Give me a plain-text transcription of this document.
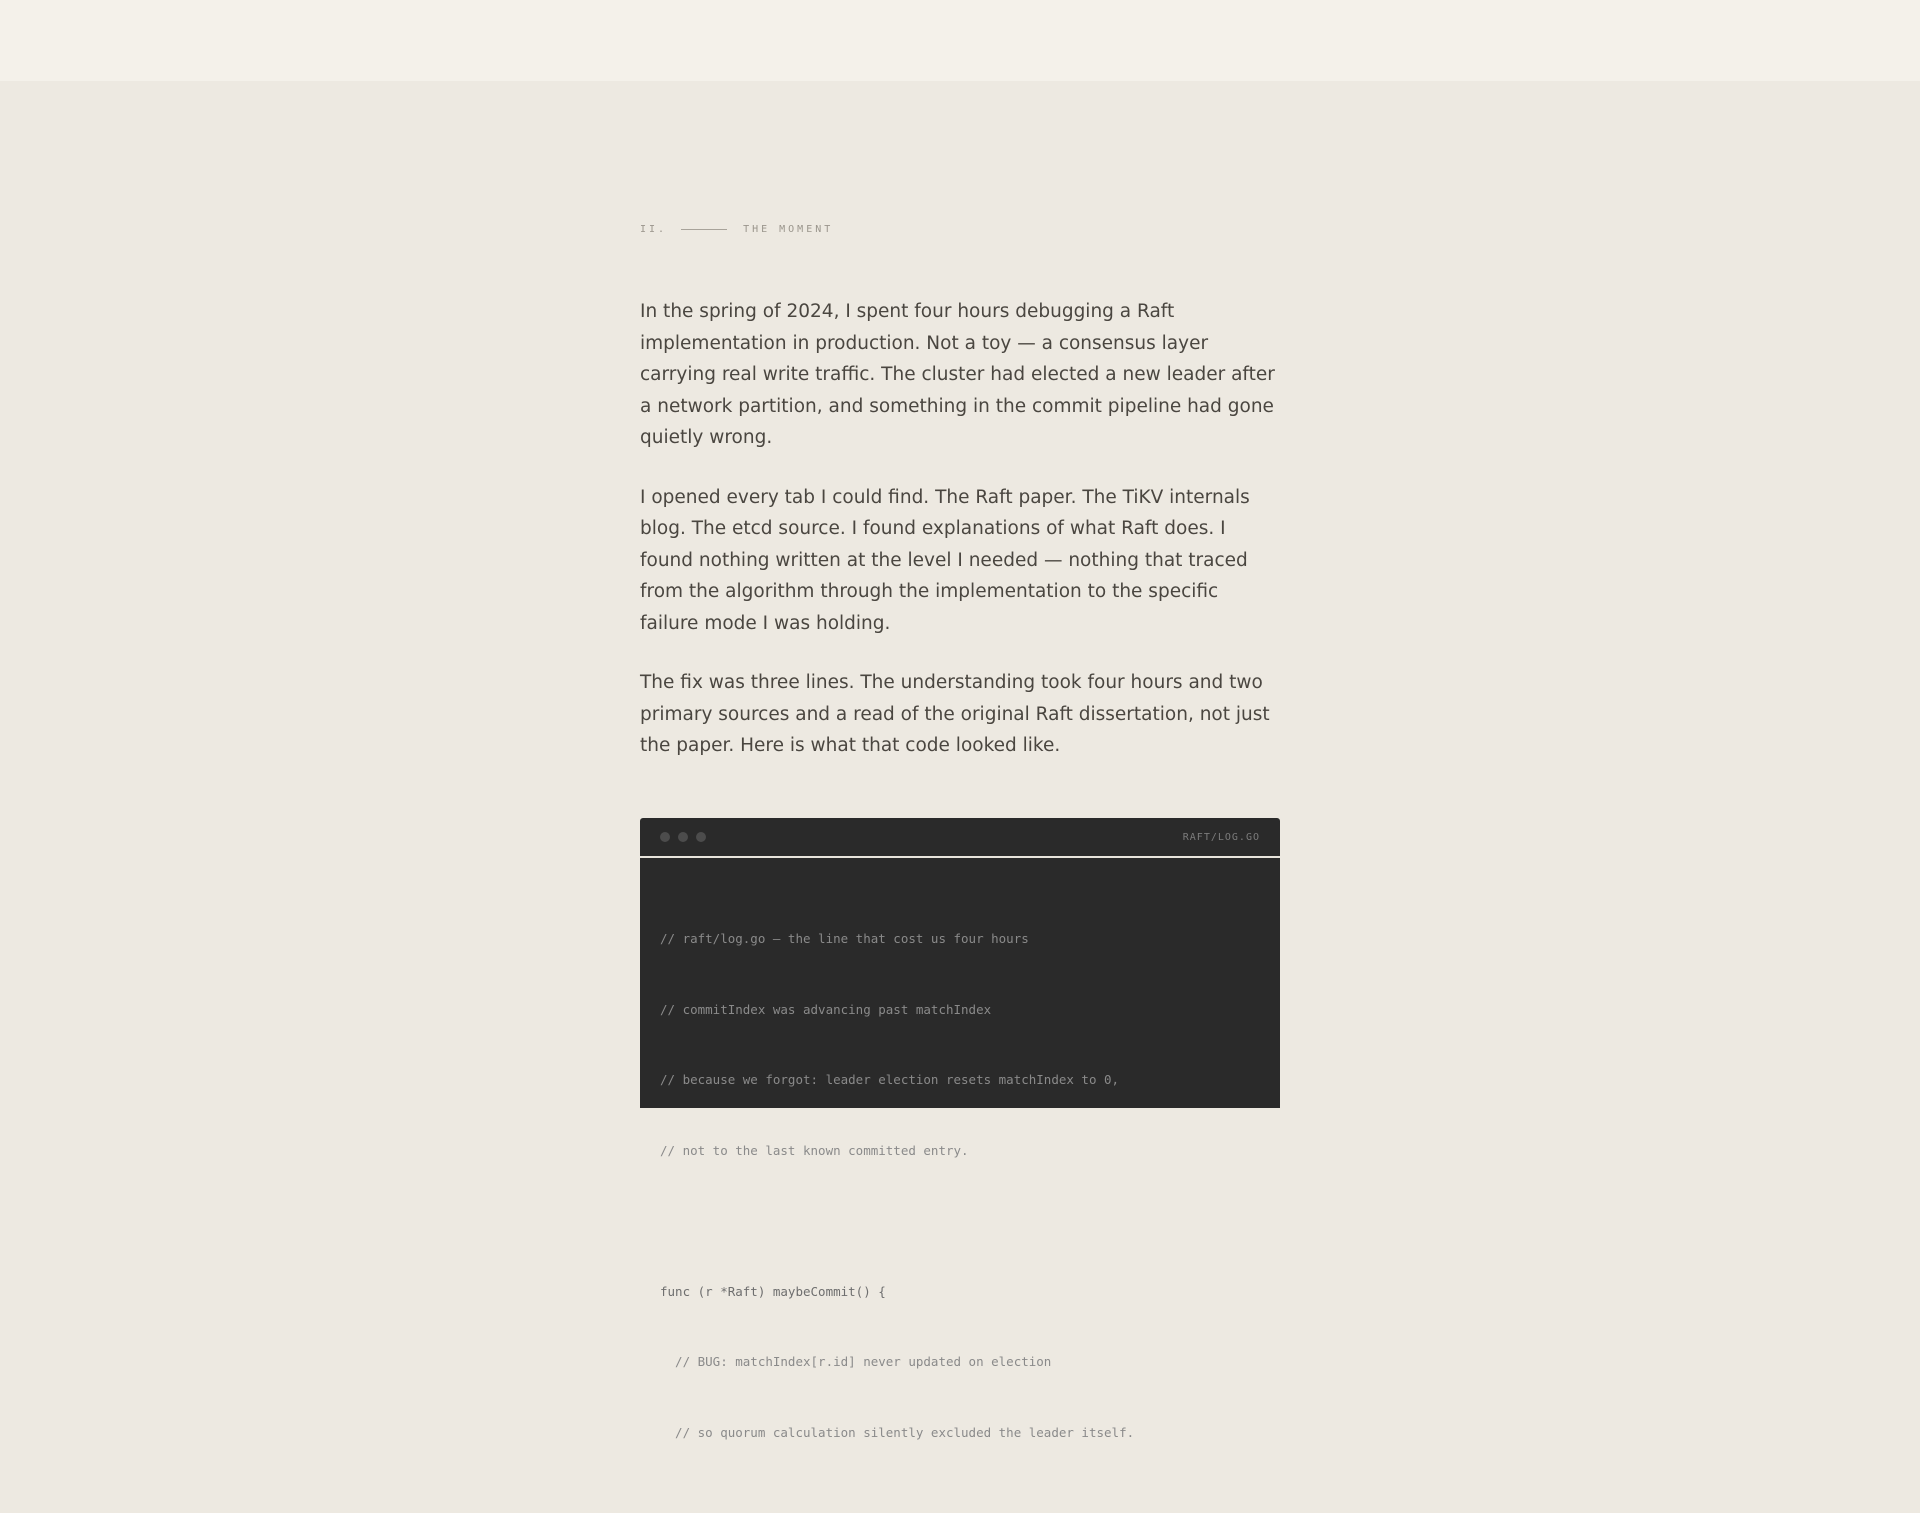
II.	THE MOMENT

In the spring of 2024, I spent four hours debugging a Raft implementation in production. Not a toy — a consensus layer carrying real write traffic. The cluster had elected a new leader after a network partition, and something in the commit pipeline had gone quietly wrong.

I opened every tab I could find. The Raft paper. The TiKV internals blog. The etcd source. I found explanations of what Raft does. I found nothing written at the level I needed — nothing that traced from the algorithm through the implementation to the specific failure mode I was holding.

The fix was three lines. The understanding took four hours and two primary sources and a read of the original Raft dissertation, not just the paper. Here is what that code looked like.

RAFT/LOG.GO

// raft/log.go — the line that cost us four hours

// commitIndex was advancing past matchIndex

// because we forgot: leader election resets matchIndex to 0,

// not to the last known committed entry.

func (r *Raft) maybeCommit() {

// BUG: matchIndex[r.id] never updated on election

// so quorum calculation silently excluded the leader itself.
